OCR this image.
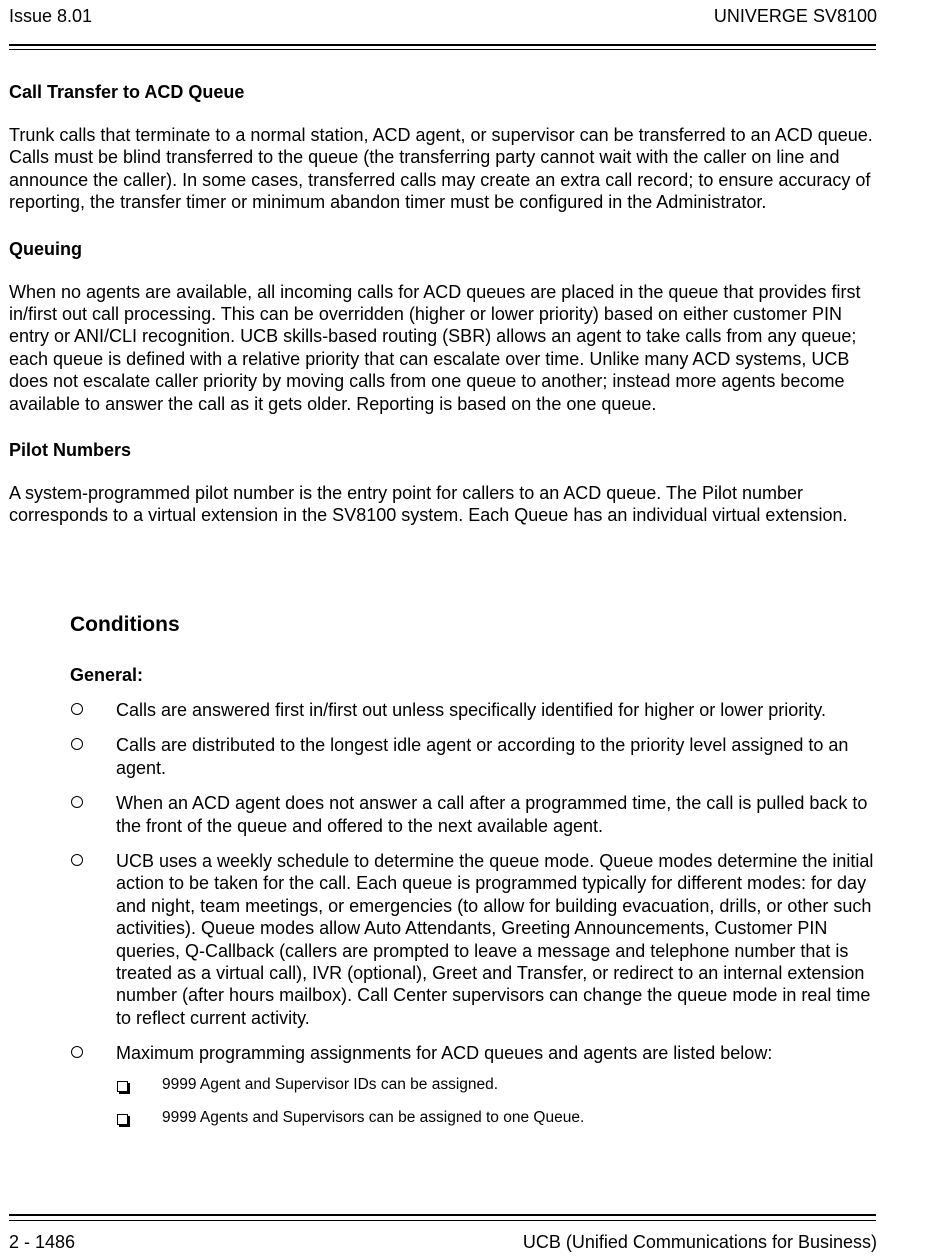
Issue 8.01	UNIVERGE SV8100
Call Transfer to ACD Queue

Trunk calls that terminate to a normal station, ACD agent, or supervisor can be transferred to an ACD queue. Calls must be blind transferred to the queue (the transferring party cannot wait with the caller on line and announce the caller). In some cases, transferred calls may create an extra call record; to ensure accuracy of reporting, the transfer timer or minimum abandon timer must be configured in the Administrator.

Queuing

When no agents are available, all incoming calls for ACD queues are placed in the queue that provides first in/first out call processing. This can be overridden (higher or lower priority) based on either customer PIN entry or ANI/CLI recognition. UCB skills-based routing (SBR) allows an agent to take calls from any queue; each queue is defined with a relative priority that can escalate over time. Unlike many ACD systems, UCB does not escalate caller priority by moving calls from one queue to another; instead more agents become available to answer the call as it gets older. Reporting is based on the one queue.

Pilot Numbers

A system-programmed pilot number is the entry point for callers to an ACD queue. The Pilot number corresponds to a virtual extension in the SV8100 system. Each Queue has an individual virtual extension.

Conditions
General:
Calls are answered first in/first out unless specifically identified for higher or lower priority.
Calls are distributed to the longest idle agent or according to the priority level assigned to an agent.
When an ACD agent does not answer a call after a programmed time, the call is pulled back to the front of the queue and offered to the next available agent.
UCB uses a weekly schedule to determine the queue mode. Queue modes determine the initial action to be taken for the call. Each queue is programmed typically for different modes: for day and night, team meetings, or emergencies (to allow for building evacuation, drills, or other such activities). Queue modes allow Auto Attendants, Greeting Announcements, Customer PIN queries, Q-Callback (callers are prompted to leave a message and telephone number that is treated as a virtual call), IVR (optional), Greet and Transfer, or redirect to an internal extension number (after hours mailbox). Call Center supervisors can change the queue mode in real time to reflect current activity.
Maximum programming assignments for ACD queues and agents are listed below:
9999 Agent and Supervisor IDs can be assigned.
9999 Agents and Supervisors can be assigned to one Queue.
2 - 1486	UCB (Unified Communications for Business)
